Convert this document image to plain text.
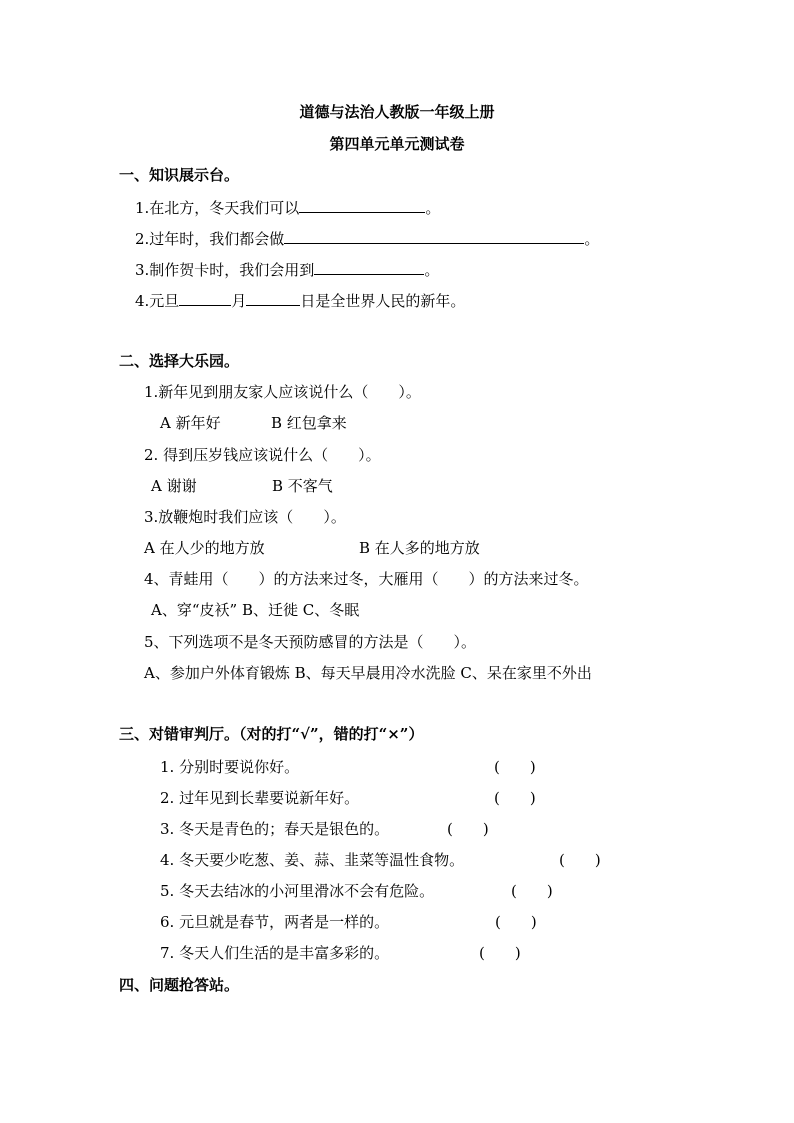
道德与法治人教版一年级上册
第四单元单元测试卷
一、知识展示台。
1.在北方，冬天我们可以	。
2.过年时，我们都会做	。
3.制作贺卡时，我们会用到	。
4.元旦	月	日是全世界人民的新年。
二、选择大乐园。
1.新年见到朋友家人应该说什么（　　）。
A 新年好	B 红包拿来
2. 得到压岁钱应该说什么（　　）。
A 谢谢	B 不客气
3.放鞭炮时我们应该（　　）。
A 在人少的地方放	B 在人多的地方放
4、青蛙用（　　）的方法来过冬，大雁用（　　）的方法来过冬。
A、穿“皮袄” B、迁徙 C、冬眠
5、下列选项不是冬天预防感冒的方法是（　　）。
A、参加户外体育锻炼 B、每天早晨用冷水洗脸 C、呆在家里不外出
三、对错审判厅。（对的打“√”，错的打“×”）
1. 分别时要说你好。	(　　)
2. 过年见到长辈要说新年好。	(　　)
3. 冬天是青色的；春天是银色的。	(　　)
4. 冬天要少吃葱、姜、蒜、韭菜等温性食物。	(　　)
5. 冬天去结冰的小河里滑冰不会有危险。	(　　)
6. 元旦就是春节，两者是一样的。	(　　)
7. 冬天人们生活的是丰富多彩的。	(　　)
四、问题抢答站。
